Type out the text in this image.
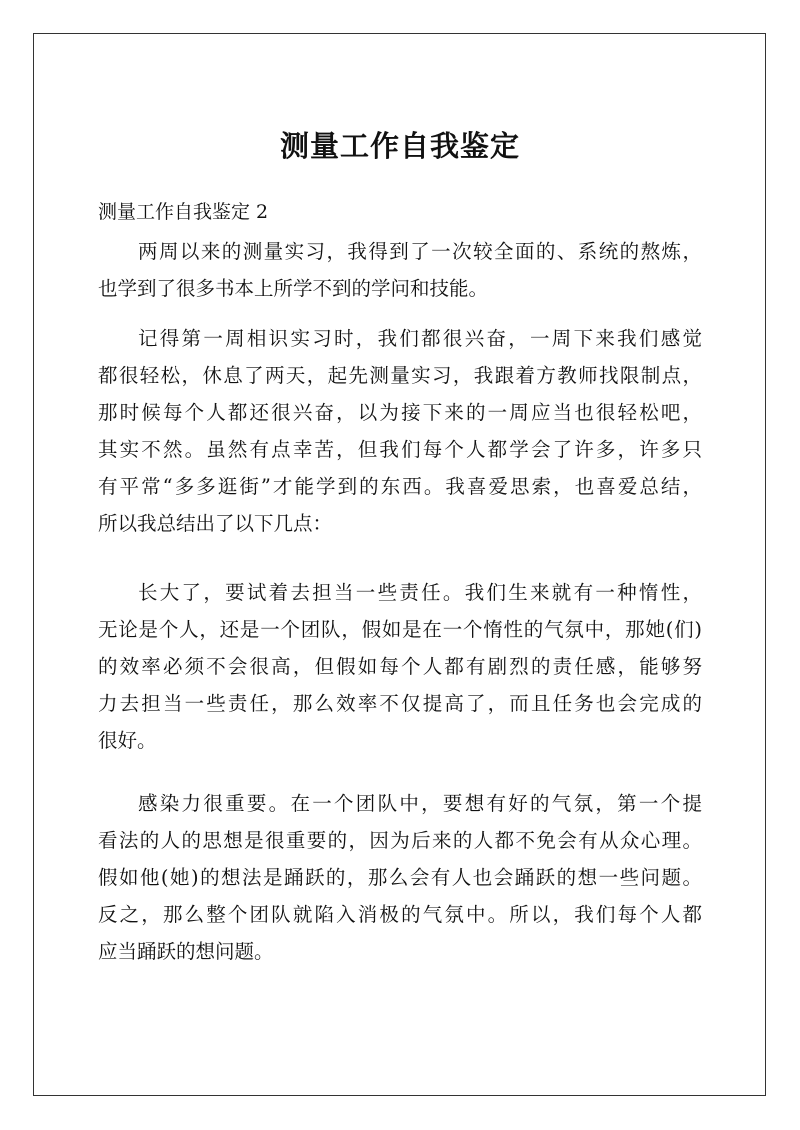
测量工作自我鉴定
测量工作自我鉴定 2
两周以来的测量实习，我得到了一次较全面的、系统的熬炼，
也学到了很多书本上所学不到的学问和技能。
记得第一周相识实习时，我们都很兴奋，一周下来我们感觉
都很轻松，休息了两天，起先测量实习，我跟着方教师找限制点，
那时候每个人都还很兴奋，以为接下来的一周应当也很轻松吧，
其实不然。虽然有点幸苦，但我们每个人都学会了许多，许多只
有平常“多多逛街”才能学到的东西。我喜爱思索，也喜爱总结，
所以我总结出了以下几点：
长大了，要试着去担当一些责任。我们生来就有一种惰性，
无论是个人，还是一个团队，假如是在一个惰性的气氛中，那她(们)
的效率必须不会很高，但假如每个人都有剧烈的责任感，能够努
力去担当一些责任，那么效率不仅提高了，而且任务也会完成的
很好。
感染力很重要。在一个团队中，要想有好的气氛，第一个提
看法的人的思想是很重要的，因为后来的人都不免会有从众心理。
假如他(她)的想法是踊跃的，那么会有人也会踊跃的想一些问题。
反之，那么整个团队就陷入消极的气氛中。所以，我们每个人都
应当踊跃的想问题。
